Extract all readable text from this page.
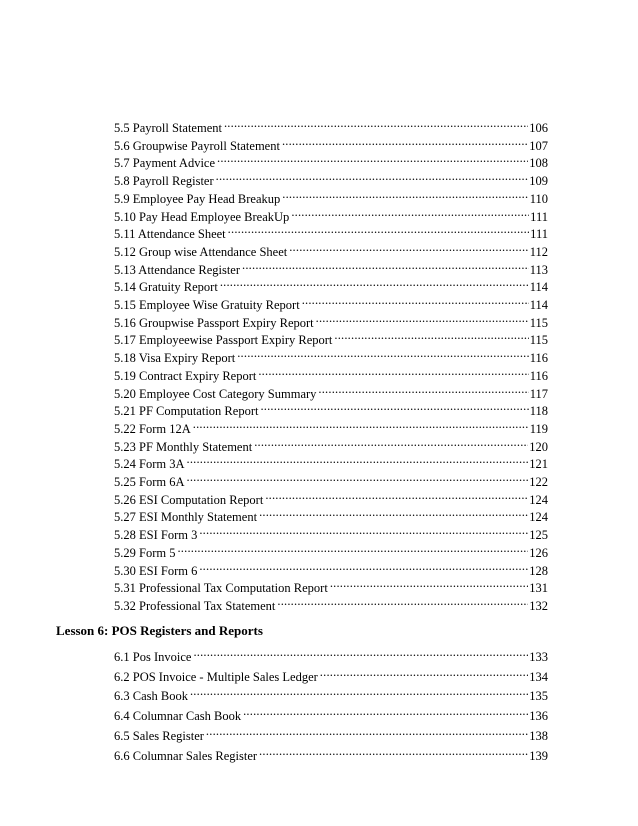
5.5 Payroll Statement .....	106
5.6 Groupwise Payroll Statement .....	107
5.7 Payment Advice .....	108
5.8 Payroll Register .....	109
5.9 Employee Pay Head Breakup .....	110
5.10 Pay Head Employee BreakUp .....	111
5.11 Attendance Sheet .....	111
5.12 Group wise Attendance Sheet .....	112
5.13 Attendance Register .....	113
5.14 Gratuity Report .....	114
5.15 Employee Wise Gratuity Report .....	114
5.16 Groupwise Passport Expiry Report .....	115
5.17 Employeewise Passport Expiry Report .....	115
5.18 Visa Expiry Report .....	116
5.19 Contract Expiry Report .....	116
5.20 Employee Cost Category Summary .....	117
5.21 PF Computation Report .....	118
5.22 Form 12A .....	119
5.23 PF Monthly Statement .....	120
5.24 Form 3A .....	121
5.25 Form 6A .....	122
5.26 ESI Computation Report .....	124
5.27 ESI Monthly Statement .....	124
5.28 ESI Form 3 .....	125
5.29 Form 5 .....	126
5.30 ESI Form 6 .....	128
5.31 Professional Tax Computation Report .....	131
5.32 Professional Tax Statement .....	132
Lesson 6: POS Registers and Reports
6.1 Pos Invoice .....	133
6.2 POS Invoice - Multiple Sales Ledger .....	134
6.3 Cash Book .....	135
6.4 Columnar Cash Book .....	136
6.5 Sales Register .....	138
6.6 Columnar Sales Register .....	139
